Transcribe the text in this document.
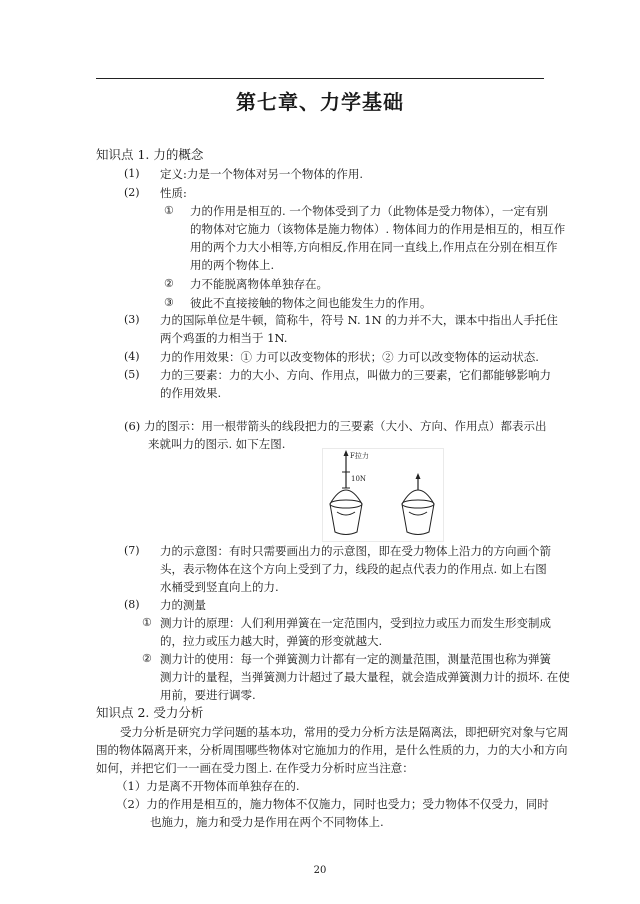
第七章、力学基础
知识点 1. 力的概念
(1) 定义:力是一个物体对另一个物体的作用.
(2) 性质:
① 力的作用是相互的. 一个物体受到了力（此物体是受力物体），一定有别
的物体对它施力（该物体是施力物体）. 物体间力的作用是相互的，相互作
用的两个力大小相等,方向相反,作用在同一直线上,作用点在分别在相互作
用的两个物体上.
② 力不能脱离物体单独存在。
③ 彼此不直接接触的物体之间也能发生力的作用。
(3) 力的国际单位是牛顿，简称牛，符号 N. 1N 的力并不大，课本中指出人手托住
两个鸡蛋的力相当于 1N.
(4) 力的作用效果：① 力可以改变物体的形状；② 力可以改变物体的运动状态.
(5) 力的三要素：力的大小、方向、作用点，叫做力的三要素，它们都能够影响力
的作用效果.
(6) 力的图示：用一根带箭头的线段把力的三要素（大小、方向、作用点）都表示出
来就叫力的图示. 如下左图.
F拉力
10N
(7) 力的示意图：有时只需要画出力的示意图，即在受力物体上沿力的方向画个箭
头，表示物体在这个方向上受到了力，线段的起点代表力的作用点. 如上右图
水桶受到竖直向上的力.
(8) 力的测量
① 测力计的原理：人们利用弹簧在一定范围内，受到拉力或压力而发生形变制成
的，拉力或压力越大时，弹簧的形变就越大.
② 测力计的使用：每一个弹簧测力计都有一定的测量范围，测量范围也称为弹簧
测力计的量程，当弹簧测力计超过了最大量程，就会造成弹簧测力计的损坏. 在使
用前，要进行调零.
知识点 2. 受力分析
受力分析是研究力学问题的基本功，常用的受力分析方法是隔离法，即把研究对象与它周
围的物体隔离开来，分析周围哪些物体对它施加力的作用，是什么性质的力，力的大小和方向
如何，并把它们一一画在受力图上. 在作受力分析时应当注意：
（1）力是离不开物体而单独存在的.
（2）力的作用是相互的，施力物体不仅施力，同时也受力；受力物体不仅受力，同时
也施力，施力和受力是作用在两个不同物体上.
20
